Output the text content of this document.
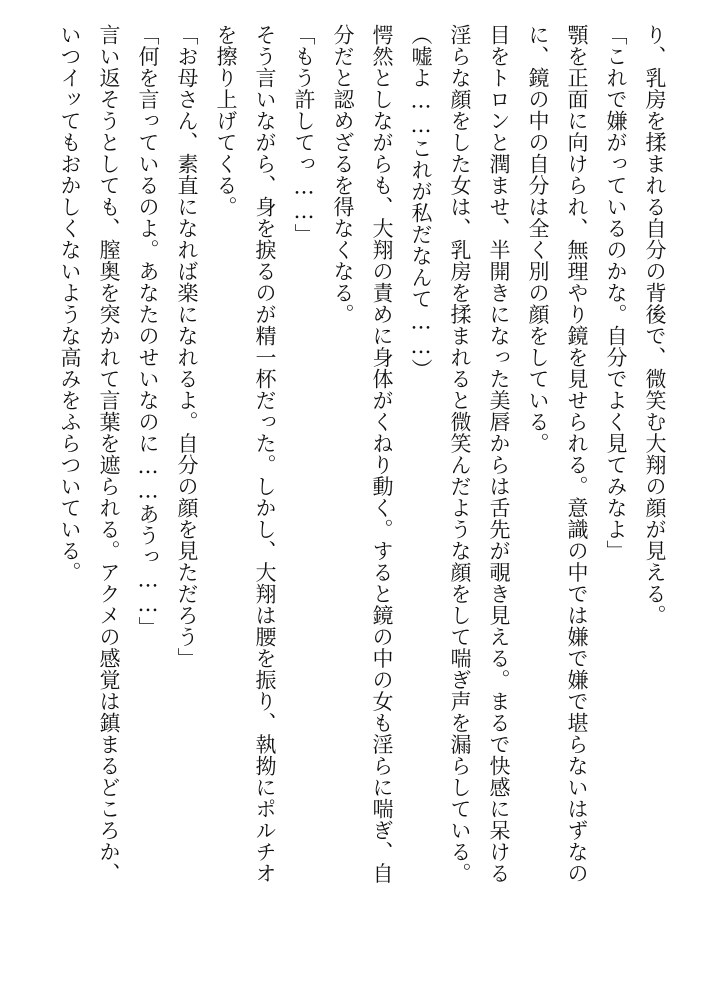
り、乳房を揉まれる自分の背後で、微笑む大翔の顔が見える。
「これで嫌がっているのかな。自分でよく見てみなよ」
顎を正面に向けられ、無理やり鏡を見せられる。意識の中では嫌で嫌で堪らないはずなの
に、鏡の中の自分は全く別の顔をしている。
目をトロンと潤ませ、半開きになった美唇からは舌先が覗き見える。まるで快感に呆ける
淫らな顔をした女は、乳房を揉まれると微笑んだような顔をして喘ぎ声を漏らしている。
（嘘よ……これが私だなんて……）
愕然としながらも、大翔の責めに身体がくねり動く。すると鏡の中の女も淫らに喘ぎ、自
分だと認めざるを得なくなる。
「もう許してっ……」
そう言いながら、身を捩るのが精一杯だった。しかし、大翔は腰を振り、執拗にポルチオ
を擦り上げてくる。
「お母さん、素直になれば楽になれるよ。自分の顔を見ただろう」
「何を言っているのよ。あなたのせいなのに……あうっ……」
言い返そうとしても、膣奥を突かれて言葉を遮られる。アクメの感覚は鎮まるどころか、
いつイッてもおかしくないような高みをふらついている。
